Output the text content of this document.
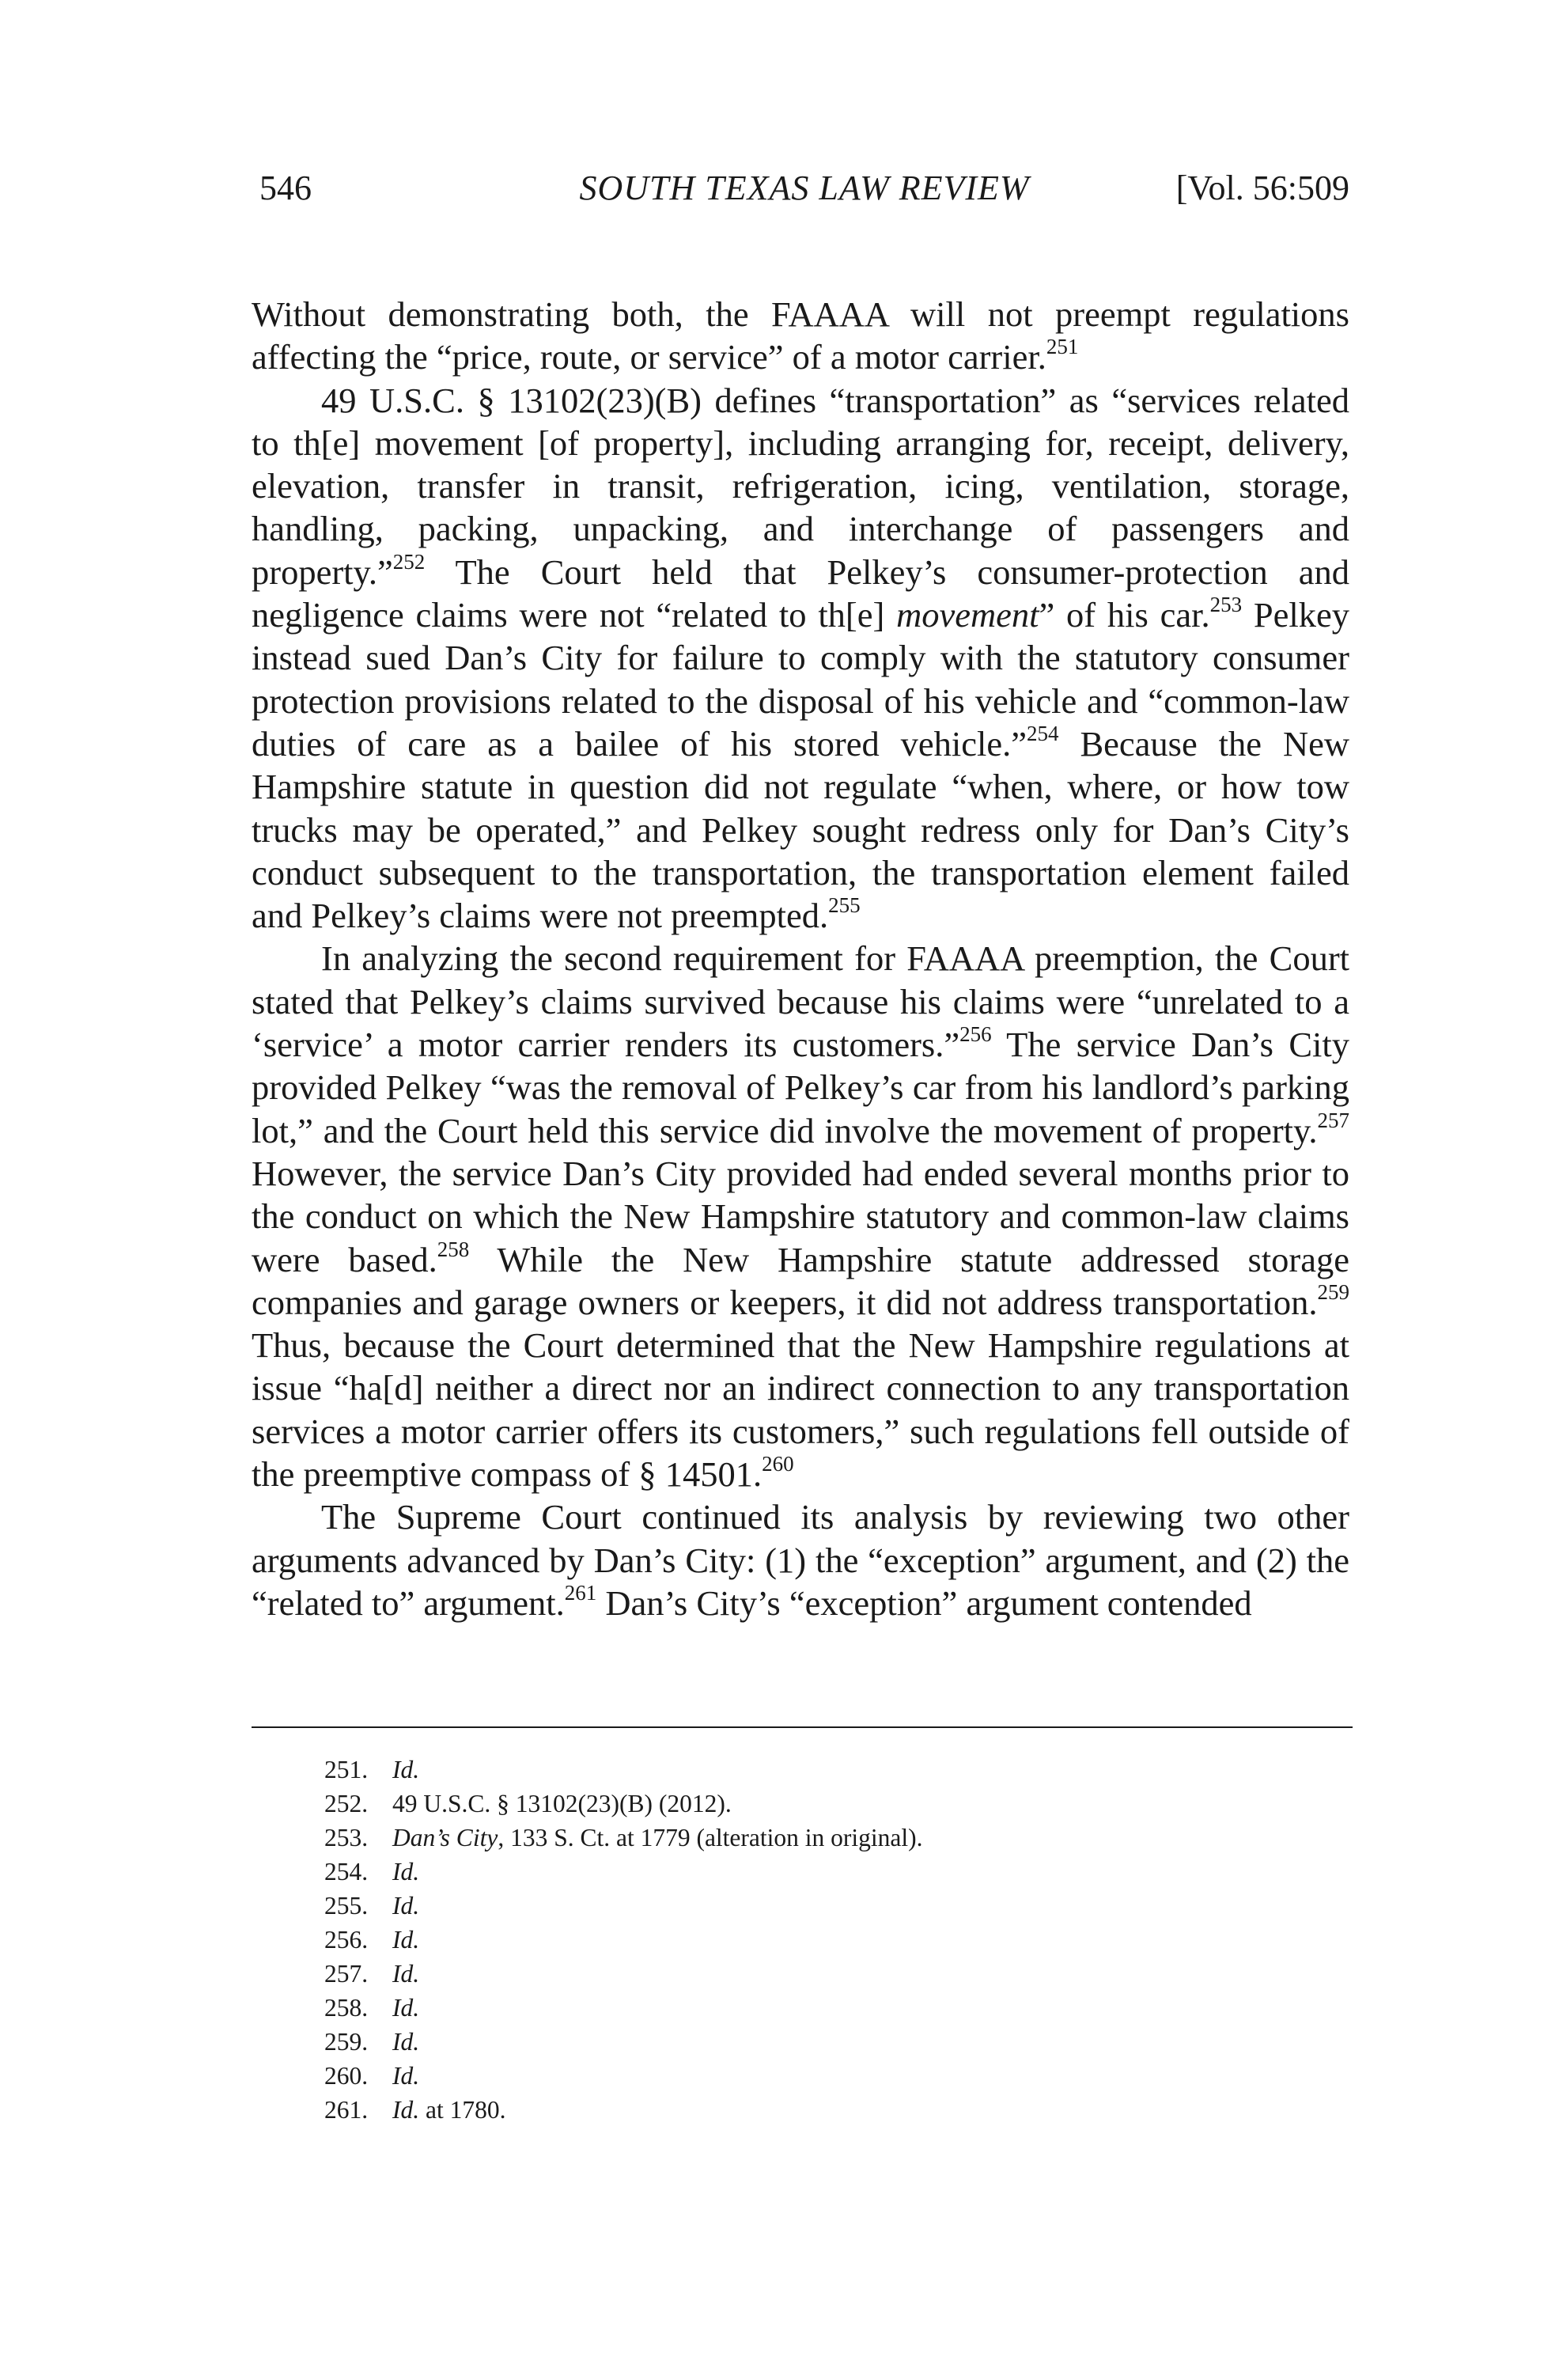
546	SOUTH TEXAS LAW REVIEW	[Vol. 56:509

Without demonstrating both, the FAAAA will not preempt regulations affecting the “price, route, or service” of a motor carrier.$^{251}$

49 U.S.C. § 13102(23)(B) defines “transportation” as “services related to th[e] movement [of property], including arranging for, receipt, delivery, elevation, transfer in transit, refrigeration, icing, ventilation, storage, handling, packing, unpacking, and interchange of passengers and property.”$^{252}$ The Court held that Pelkey’s consumer-protection and negligence claims were not “related to th[e] movement” of his car.$^{253}$ Pelkey instead sued Dan’s City for failure to comply with the statutory consumer protection provisions related to the disposal of his vehicle and “common-law duties of care as a bailee of his stored vehicle.”$^{254}$ Because the New Hampshire statute in question did not regulate “when, where, or how tow trucks may be operated,” and Pelkey sought redress only for Dan’s City’s conduct subsequent to the transportation, the transportation element failed and Pelkey’s claims were not preempted.$^{255}$

In analyzing the second requirement for FAAAA preemption, the Court stated that Pelkey’s claims survived because his claims were “unrelated to a ‘service’ a motor carrier renders its customers.”$^{256}$ The service Dan’s City provided Pelkey “was the removal of Pelkey’s car from his landlord’s parking lot,” and the Court held this service did involve the movement of property.$^{257}$ However, the service Dan’s City provided had ended several months prior to the conduct on which the New Hampshire statutory and common-law claims were based.$^{258}$ While the New Hampshire statute addressed storage companies and garage owners or keepers, it did not address transportation.$^{259}$ Thus, because the Court determined that the New Hampshire regulations at issue “ha[d] neither a direct nor an indirect connection to any transportation services a motor carrier offers its customers,” such regulations fell outside of the preemptive compass of § 14501.$^{260}$

The Supreme Court continued its analysis by reviewing two other arguments advanced by Dan’s City: (1) the “exception” argument, and (2) the “related to” argument.$^{261}$ Dan’s City’s “exception” argument contended

251. Id.
252. 49 U.S.C. § 13102(23)(B) (2012).
253. Dan’s City, 133 S. Ct. at 1779 (alteration in original).
254. Id.
255. Id.
256. Id.
257. Id.
258. Id.
259. Id.
260. Id.
261. Id. at 1780.
